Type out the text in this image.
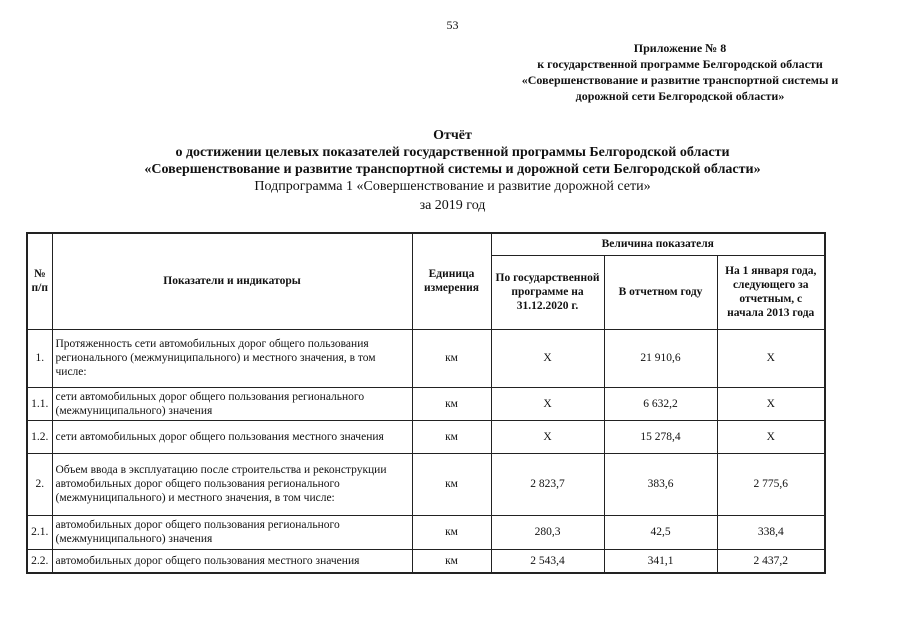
53
Приложение № 8
к государственной программе Белгородской области
«Совершенствование и развитие транспортной системы и
дорожной сети Белгородской области»
Отчёт
о достижении целевых показателей государственной программы Белгородской области
«Совершенствование и развитие транспортной системы и дорожной сети Белгородской области»
Подпрограмма 1 «Совершенствование и развитие дорожной сети»
за 2019 год
№ п/п	Показатели и индикаторы	Единица измерения	Величина показателя		
			По государственной программе на 31.12.2020 г.	В отчетном году	На 1 января года, следующего за отчетным, с начала 2013 года
1.	Протяженность сети автомобильных дорог общего пользования регионального (межмуниципального) и местного значения, в том числе:	км	Х	21 910,6	Х
1.1.	сети автомобильных дорог общего пользования регионального (межмуниципального) значения	км	Х	6 632,2	Х
1.2.	сети автомобильных дорог общего пользования местного значения	км	Х	15 278,4	Х
2.	Объем ввода в эксплуатацию после строительства и реконструкции автомобильных дорог общего пользования регионального (межмуниципального) и местного значения, в том числе:	км	2 823,7	383,6	2 775,6
2.1.	автомобильных дорог общего пользования регионального (межмуниципального) значения	км	280,3	42,5	338,4
2.2.	автомобильных дорог общего пользования местного значения	км	2 543,4	341,1	2 437,2
